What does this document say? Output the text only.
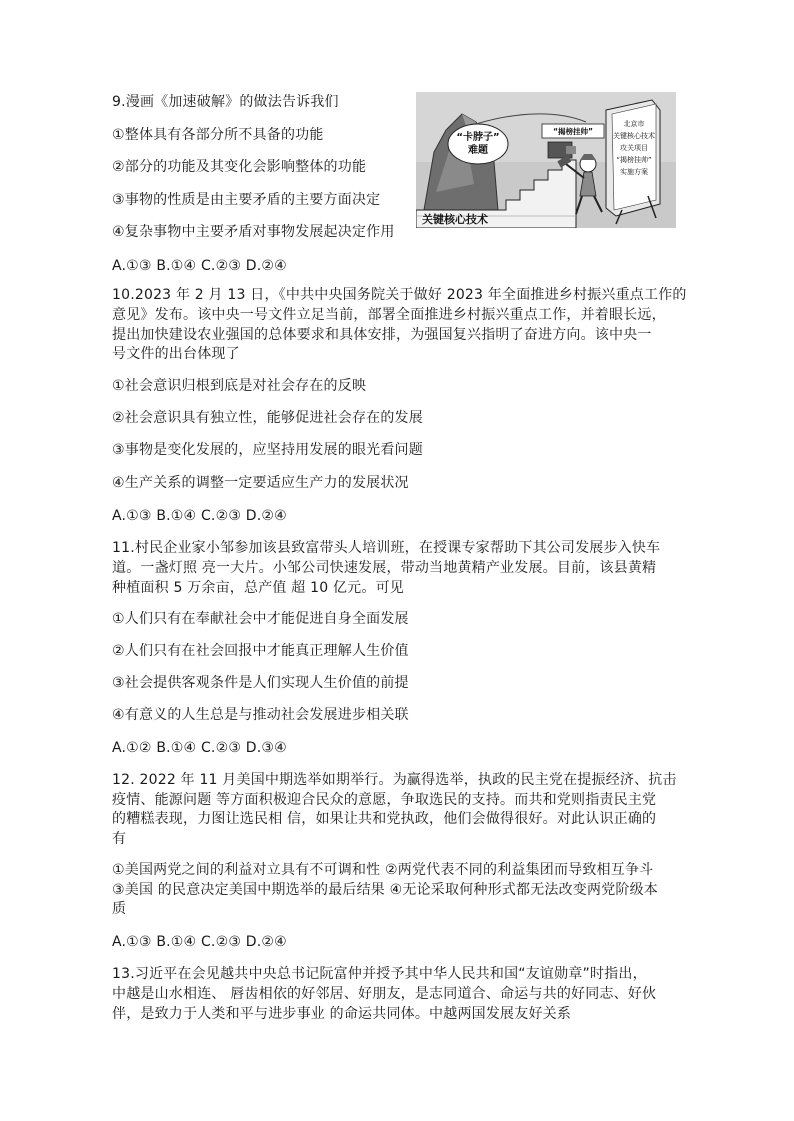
9.漫画《加速破解》的做法告诉我们
①整体具有各部分所不具备的功能
②部分的功能及其变化会影响整体的功能
③事物的性质是由主要矛盾的主要方面决定
④复杂事物中主要矛盾对事物发展起决定作用
A.①③ B.①④ C.②③ D.②④
“卡脖子”
难题
关键核心技术
“揭榜挂帅”
北京市
关键核心技术
攻关项目
“揭榜挂帅”
实施方案
10.2023 年 2 月 13 日，《中共中央国务院关于做好 2023 年全面推进乡村振兴重点工作的
意见》发布。该中央一号文件立足当前，部署全面推进乡村振兴重点工作，并着眼长远，
提出加快建设农业强国的总体要求和具体安排，为强国复兴指明了奋进方向。该中央一
号文件的出台体现了
①社会意识归根到底是对社会存在的反映
②社会意识具有独立性，能够促进社会存在的发展
③事物是变化发展的，应坚持用发展的眼光看问题
④生产关系的调整一定要适应生产力的发展状况
A.①③ B.①④ C.②③ D.②④
11.村民企业家小邹参加该县致富带头人培训班，在授课专家帮助下其公司发展步入快车
道。一盏灯照 亮一大片。小邹公司快速发展，带动当地黄精产业发展。目前，该县黄精
种植面积 5 万余亩，总产值 超 10 亿元。可见
①人们只有在奉献社会中才能促进自身全面发展
②人们只有在社会回报中才能真正理解人生价值
③社会提供客观条件是人们实现人生价值的前提
④有意义的人生总是与推动社会发展进步相关联
A.①② B.①④ C.②③ D.③④
12. 2022 年 11 月美国中期选举如期举行。为赢得选举，执政的民主党在提振经济、抗击
疫情、能源问题 等方面积极迎合民众的意愿，争取选民的支持。而共和党则指责民主党
的糟糕表现，力图让选民相 信，如果让共和党执政，他们会做得很好。对此认识正确的
有
①美国两党之间的利益对立具有不可调和性 ②两党代表不同的利益集团而导致相互争斗
③美国 的民意决定美国中期选举的最后结果 ④无论采取何种形式都无法改变两党阶级本
质
A.①③ B.①④ C.②③ D.②④
13.习近平在会见越共中央总书记阮富仲并授予其中华人民共和国“友谊勋章”时指出，
中越是山水相连、 唇齿相依的好邻居、好朋友，是志同道合、命运与共的好同志、好伙
伴，是致力于人类和平与进步事业 的命运共同体。中越两国发展友好关系
